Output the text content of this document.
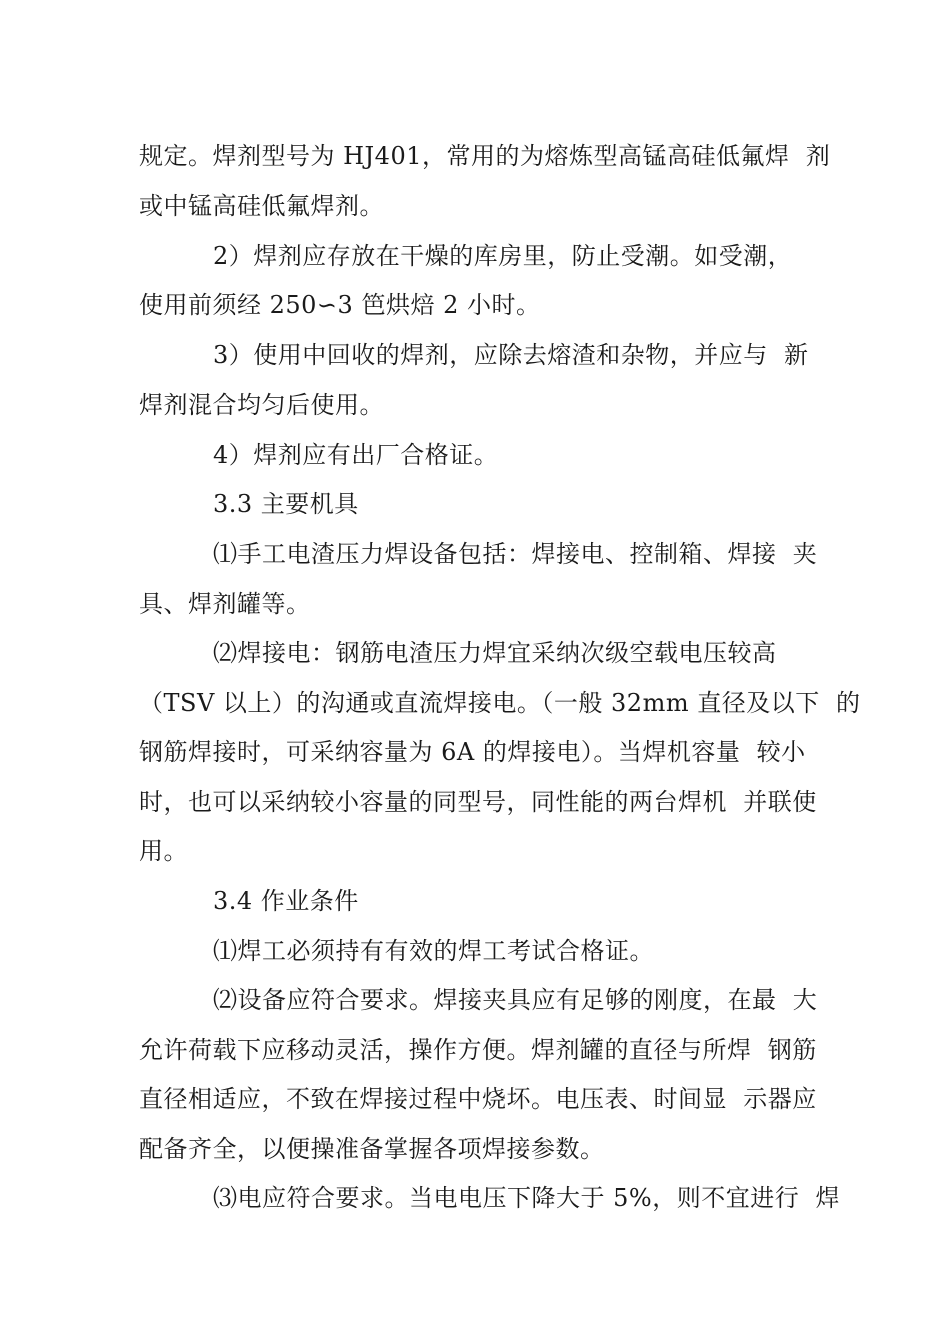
规定。焊剂型号为 HJ401，常用的为熔炼型高锰高硅低氟焊  剂
或中锰高硅低氟焊剂。
2）焊剂应存放在干燥的库房里，防止受潮。如受潮，
使用前须经 250∽3 笆烘焙 2 小时。
3）使用中回收的焊剂，应除去熔渣和杂物，并应与  新
焊剂混合均匀后使用。
4）焊剂应有出厂合格证。
3.3 主要机具
⑴手工电渣压力焊设备包括：焊接电、控制箱、焊接  夹
具、焊剂罐等。
⑵焊接电：钢筋电渣压力焊宜采纳次级空载电压较高
（TSV 以上）的沟通或直流焊接电。（一般 32mm 直径及以下  的
钢筋焊接时，可采纳容量为 6A 的焊接电）。当焊机容量  较小
时，也可以采纳较小容量的同型号，同性能的两台焊机  并联使
用。
3.4 作业条件
⑴焊工必须持有有效的焊工考试合格证。
⑵设备应符合要求。焊接夹具应有足够的刚度，在最  大
允许荷载下应移动灵活，操作方便。焊剂罐的直径与所焊  钢筋
直径相适应，不致在焊接过程中烧坏。电压表、时间显  示器应
配备齐全，以便操准备掌握各项焊接参数。
⑶电应符合要求。当电电压下降大于 5%，则不宜进行  焊
